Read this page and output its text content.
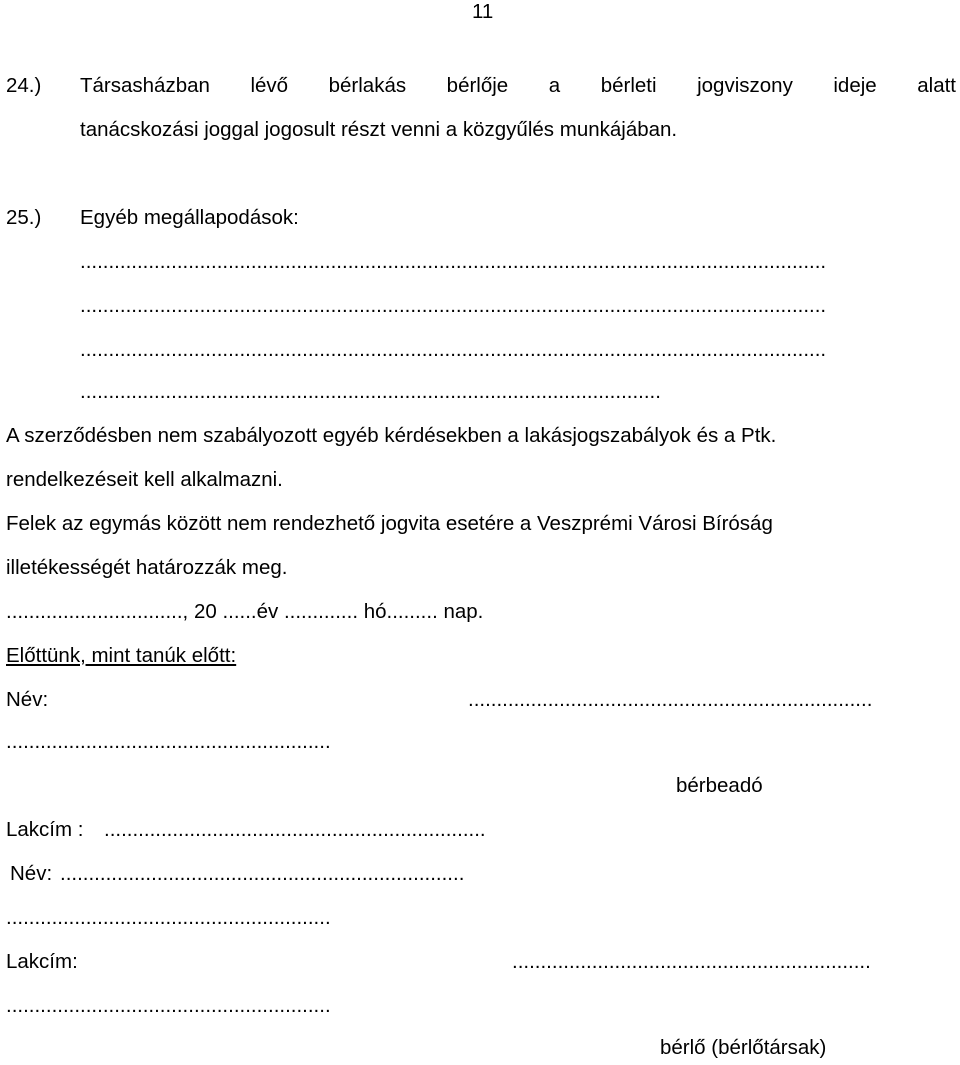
11
24.) Társasházban lévő bérlakás bérlője a bérleti jogviszony ideje alatt
tanácskozási joggal jogosult részt venni a közgyűlés munkájában.
25.) Egyéb megállapodások:
...................................................................................................................................
...................................................................................................................................
...................................................................................................................................
......................................................................................................
A szerződésben nem szabályozott egyéb kérdésekben a lakásjogszabályok és a Ptk.
rendelkezéseit kell alkalmazni.
Felek az egymás között nem rendezhető jogvita esetére a Veszprémi Városi Bíróság
illetékességét határozzák meg.
..............................., 20 ......év ............. hó......... nap.
Előttünk, mint tanúk előtt:
Név:	.......................................................................
.........................................................
bérbeadó
Lakcím : ...................................................................
Név: .......................................................................
.........................................................
Lakcím:	...............................................................
.........................................................
bérlő (bérlőtársak)
